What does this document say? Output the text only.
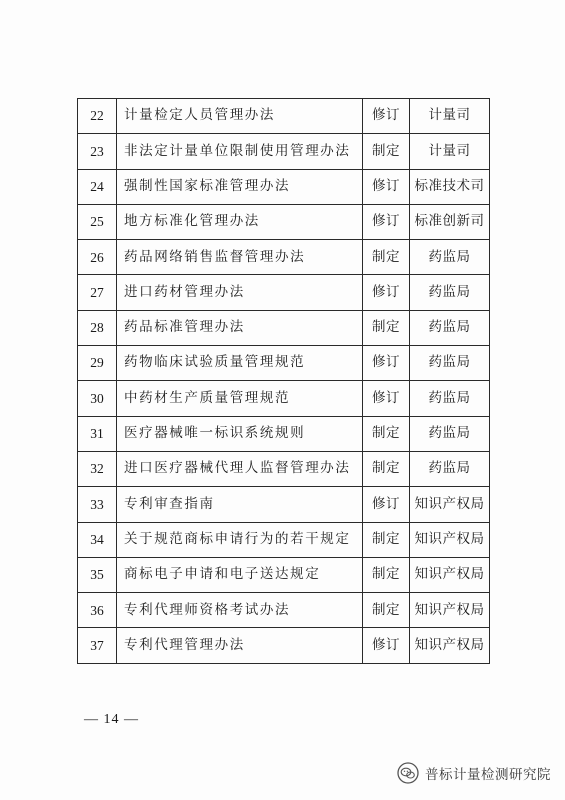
22	计量检定人员管理办法	修订	计量司
23	非法定计量单位限制使用管理办法	制定	计量司
24	强制性国家标准管理办法	修订	标准技术司
25	地方标准化管理办法	修订	标准创新司
26	药品网络销售监督管理办法	制定	药监局
27	进口药材管理办法	修订	药监局
28	药品标准管理办法	制定	药监局
29	药物临床试验质量管理规范	修订	药监局
30	中药材生产质量管理规范	修订	药监局
31	医疗器械唯一标识系统规则	制定	药监局
32	进口医疗器械代理人监督管理办法	制定	药监局
33	专利审查指南	修订	知识产权局
34	关于规范商标申请行为的若干规定	制定	知识产权局
35	商标电子申请和电子送达规定	制定	知识产权局
36	专利代理师资格考试办法	制定	知识产权局
37	专利代理管理办法	修订	知识产权局
— 14 —
普标计量检测研究院
